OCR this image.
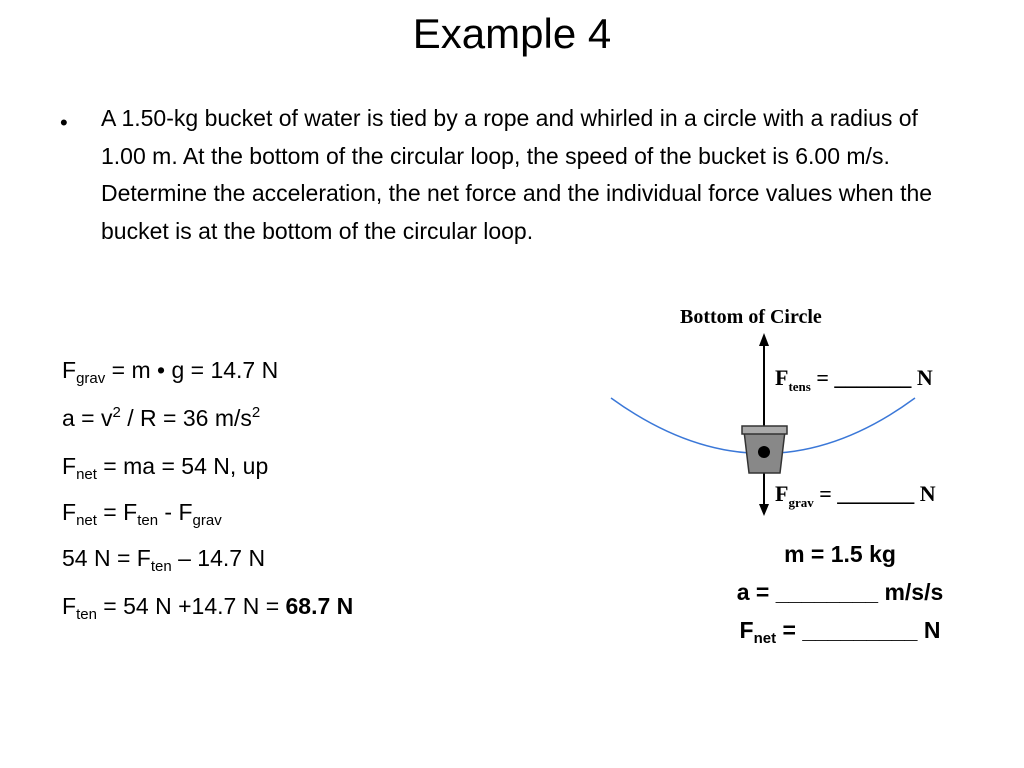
Example 4
• A 1.50-kg bucket of water is tied by a rope and whirled in a circle with a radius of 1.00 m. At the bottom of the circular loop, the speed of the bucket is 6.00 m/s. Determine the acceleration, the net force and the individual force values when the bucket is at the bottom of the circular loop.
$F_{grav} = m$ • g = 14.7 N
$a = v^2 / R = 36$ $m/s^2$
$F_{net}$ = ma = 54 N, up
$F_{net} = F_{ten} - F_{grav}$
54 $N = F_{ten} - 14.7$ N
$F_{ten} = 54$ N +14.7 N = 68.7 N
Bottom of Circle
$F_{tens}$ = _______ N
$F_{grav}$ = _______ N
m = 1.5 kg
a = ________ m/s/s
$F_{net}$ = _________ N
